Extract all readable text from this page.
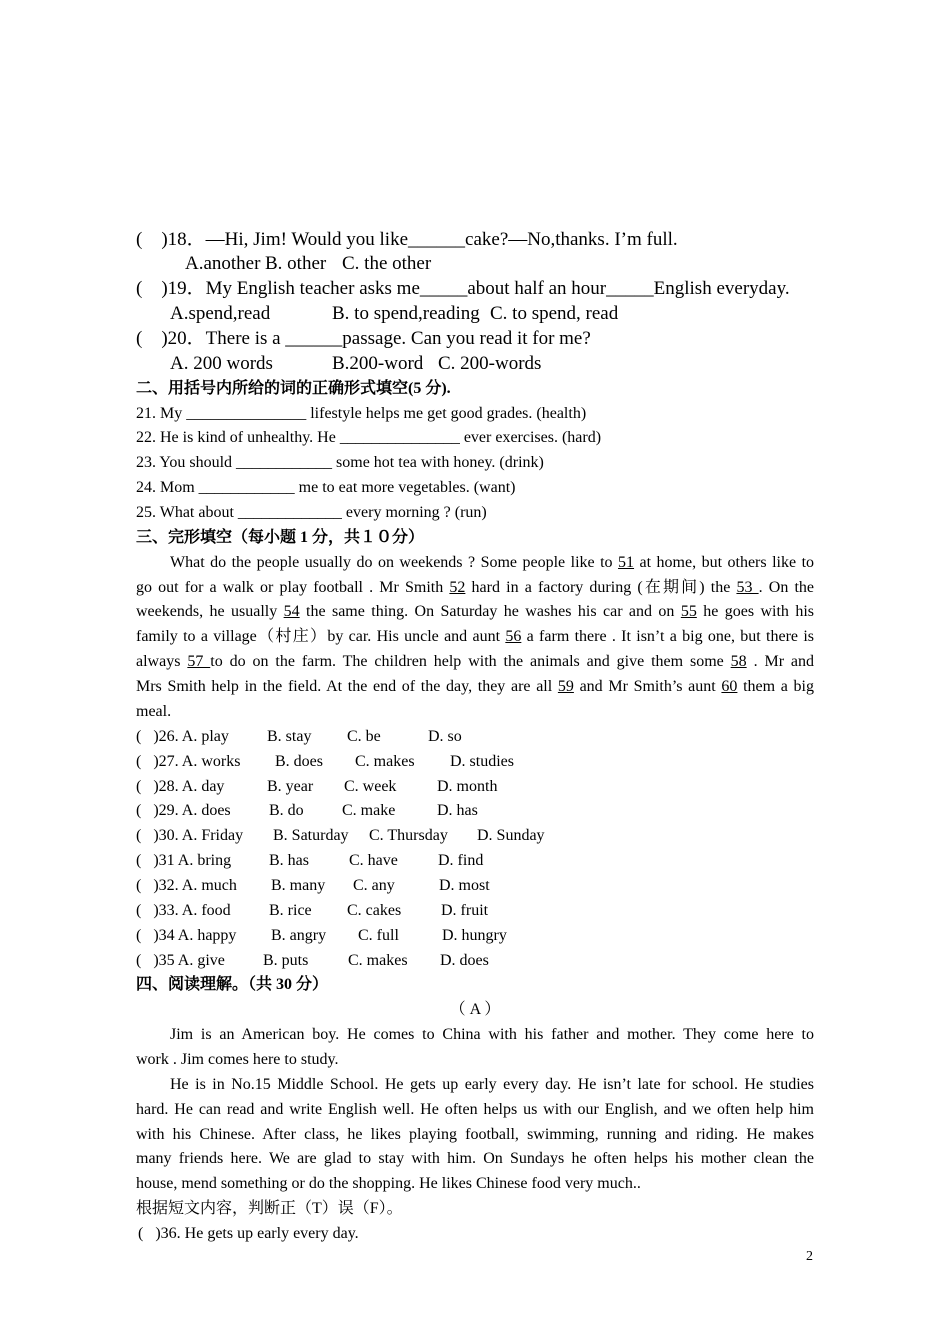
(    )18．—Hi, Jim! Would you like______cake?—No,thanks. I’m full.
A.another B. other C. the other
(    )19．My English teacher asks me_____about half an hour_____English everyday.
A.spend,read	B. to spend,reading C. to spend, read
(    )20．There is a ______passage. Can you read it for me?
A. 200 words	B.200-word C. 200-words
二、用括号内所给的词的正确形式填空(5 分).
21. My _______________ lifestyle helps me get good grades. (health)
22. He is kind of unhealthy. He _______________ ever exercises. (hard)
23. You should ____________ some hot tea with honey. (drink)
24. Mom ____________ me to eat more vegetables. (want)
25. What about _____________ every morning ? (run)
三、完形填空（每小题 1 分，共１０分）
What do the people usually do on weekends ? Some people like to 51 at home, but others like to
go out for a walk or play football . Mr Smith 52 hard in a factory during (在期间) the 53 . On the
weekends, he usually 54 the same thing. On Saturday he washes his car and on 55 he goes with his
family to a village（村庄）by car. His uncle and aunt 56 a farm there . It isn’t a big one, but there is
always 57 to do on the farm. The children help with the animals and give them some 58 . Mr and
Mrs Smith help in the field. At the end of the day, they are all 59 and Mr Smith’s aunt 60 them a big
meal.
(   )26. A. play B. stay C. be	D. so
(   )27. A. works B. does C. makes D. studies
(   )28. A. day	B. year C. week	D. month
(   )29. A. does B. do C. make	D. has
(   )30. A. Friday B. Saturday C. Thursday D. Sunday
(   )31 A. bring B. has	C. have	D. find
(   )32. A. much B. many C. any	D. most
(   )33. A. food B. rice C. cakes D. fruit
(   )34 A. happy B. angry C. full	D. hungry
(   )35 A. give B. puts C. makes D. does
四、阅读理解。（共 30 分）
（ A ）
Jim is an American boy. He comes to China with his father and mother. They come here to
work . Jim comes here to study.
He is in No.15 Middle School. He gets up early every day. He isn’t late for school. He studies
hard. He can read and write English well. He often helps us with our English, and we often help him
with his Chinese. After class, he likes playing football, swimming, running and riding. He makes
many friends here. We are glad to stay with him. On Sundays he often helps his mother clean the
house, mend something or do the shopping. He likes Chinese food very much..
根据短文内容，判断正（T）误（F）。
(   )36. He gets up early every day.
2
